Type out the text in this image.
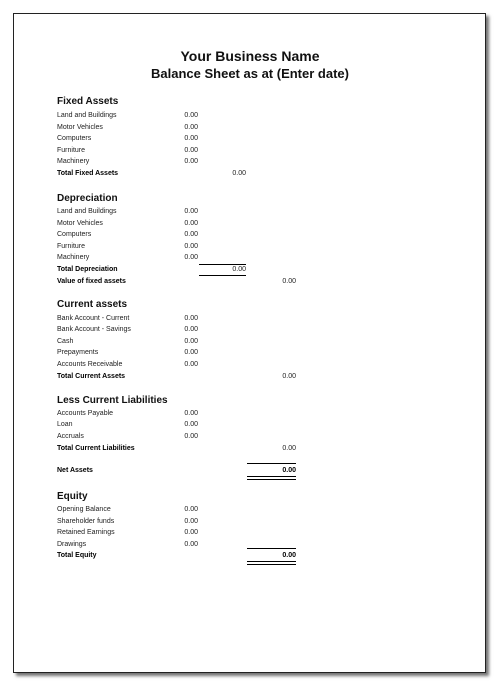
Your Business Name
Balance Sheet as at (Enter date)
Fixed Assets
Land and Buildings	0.00
Motor Vehicles	0.00
Computers	0.00
Furniture	0.00
Machinery	0.00
Total Fixed Assets	0.00
Depreciation
Land and Buildings	0.00
Motor Vehicles	0.00
Computers	0.00
Furniture	0.00
Machinery	0.00
Total Depreciation	0.00
Value of fixed assets	0.00
Current assets
Bank Account - Current	0.00
Bank Account - Savings	0.00
Cash	0.00
Prepayments	0.00
Accounts Receivable	0.00
Total Current Assets	0.00
Less Current Liabilities
Accounts Payable	0.00
Loan	0.00
Accruals	0.00
Total Current Liabilities	0.00
Net Assets	0.00
Equity
Opening Balance	0.00
Shareholder funds	0.00
Retained Earnings	0.00
Drawings	0.00
Total Equity	0.00
